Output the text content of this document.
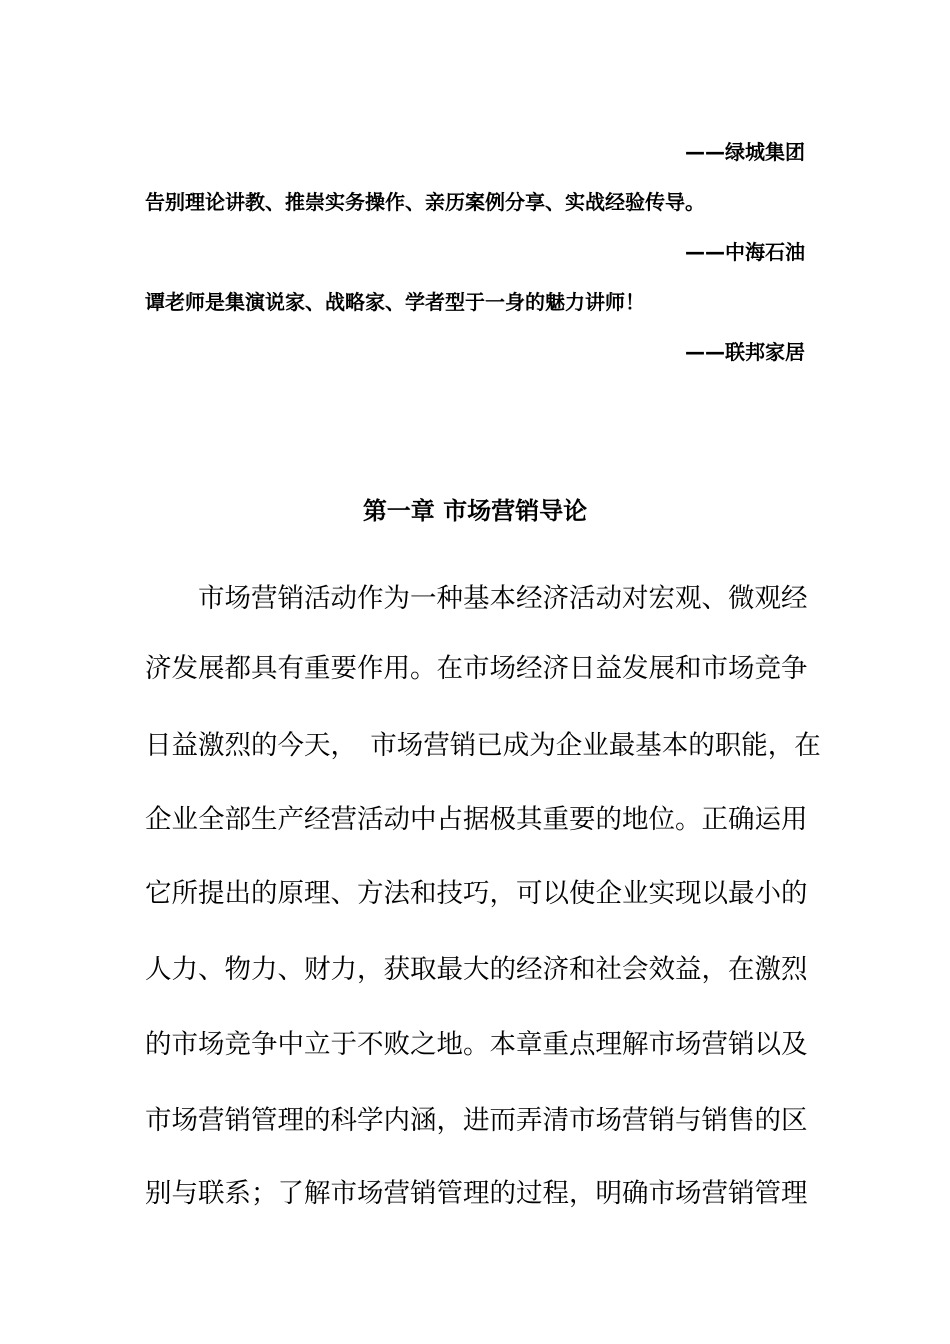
——绿城集团
告别理论讲教、推崇实务操作、亲历案例分享、实战经验传导。
——中海石油
谭老师是集演说家、战略家、学者型于一身的魅力讲师！
——联邦家居
第一章 市场营销导论
　　市场营销活动作为一种基本经济活动对宏观、微观经
济发展都具有重要作用。在市场经济日益发展和市场竞争
日益激烈的今天，　市场营销已成为企业最基本的职能，在
企业全部生产经营活动中占据极其重要的地位。正确运用
它所提出的原理、方法和技巧，可以使企业实现以最小的
人力、物力、财力，获取最大的经济和社会效益，在激烈
的市场竞争中立于不败之地。本章重点理解市场营销以及
市场营销管理的科学内涵，进而弄清市场营销与销售的区
别与联系；了解市场营销管理的过程，明确市场营销管理
